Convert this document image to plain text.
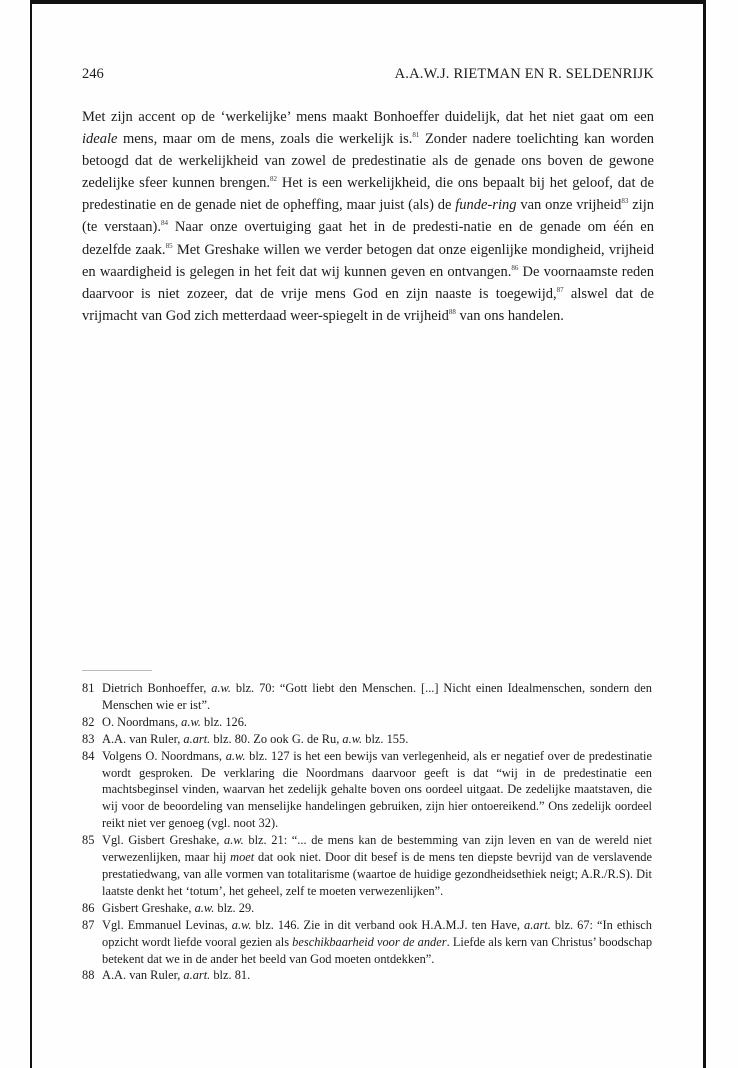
246	A.A.W.J. RIETMAN EN R. SELDENRIJK

Met zijn accent op de ‘werkelijke’ mens maakt Bonhoeffer duidelijk, dat het niet gaat om een ideale mens, maar om de mens, zoals die werkelijk is.$^{81}$ Zonder nadere toelichting kan worden betoogd dat de werkelijkheid van zowel de predestinatie als de genade ons boven de gewone zedelijke sfeer kunnen brengen.$^{82}$ Het is een werkelijkheid, die ons bepaalt bij het geloof, dat de predestinatie en de genade niet de opheffing, maar juist (als) de funde-ring van onze vrijheid$^{83}$ zijn (te verstaan).$^{84}$ Naar onze overtuiging gaat het in de predesti-natie en de genade om één en dezelfde zaak.$^{85}$ Met Greshake willen we verder betogen dat onze eigenlijke mondigheid, vrijheid en waardigheid is gelegen in het feit dat wij kunnen geven en ontvangen.$^{86}$ De voornaamste reden daarvoor is niet zozeer, dat de vrije mens God en zijn naaste is toegewijd,$^{87}$ alswel dat de vrijmacht van God zich metterdaad weer-spiegelt in de vrijheid$^{88}$ van ons handelen.

81 Dietrich Bonhoeffer, a.w. blz. 70: “Gott liebt den Menschen. [...] Nicht einen Idealmenschen, sondern den Menschen wie er ist”.
82 O. Noordmans, a.w. blz. 126.
83 A.A. van Ruler, a.art. blz. 80. Zo ook G. de Ru, a.w. blz. 155.
84 Volgens O. Noordmans, a.w. blz. 127 is het een bewijs van verlegenheid, als er negatief over de predestinatie wordt gesproken. De verklaring die Noordmans daarvoor geeft is dat “wij in de predestinatie een machtsbeginsel vinden, waarvan het zedelijk gehalte boven ons oordeel uitgaat. De zedelijke maatstaven, die wij voor de beoordeling van menselijke handelingen gebruiken, zijn hier ontoereikend.” Ons zedelijk oordeel reikt niet ver genoeg (vgl. noot 32).
85 Vgl. Gisbert Greshake, a.w. blz. 21: “... de mens kan de bestemming van zijn leven en van de wereld niet verwezenlijken, maar hij moet dat ook niet. Door dit besef is de mens ten diepste bevrijd van de verslavende prestatiedwang, van alle vormen van totalitarisme (waartoe de huidige gezondheidsethiek neigt; A.R./R.S). Dit laatste denkt het ‘totum’, het geheel, zelf te moeten verwezenlijken”.
86 Gisbert Greshake, a.w. blz. 29.
87 Vgl. Emmanuel Levinas, a.w. blz. 146. Zie in dit verband ook H.A.M.J. ten Have, a.art. blz. 67: “In ethisch opzicht wordt liefde vooral gezien als beschikbaarheid voor de ander. Liefde als kern van Christus’ boodschap betekent dat we in de ander het beeld van God moeten ontdekken”.
88 A.A. van Ruler, a.art. blz. 81.
